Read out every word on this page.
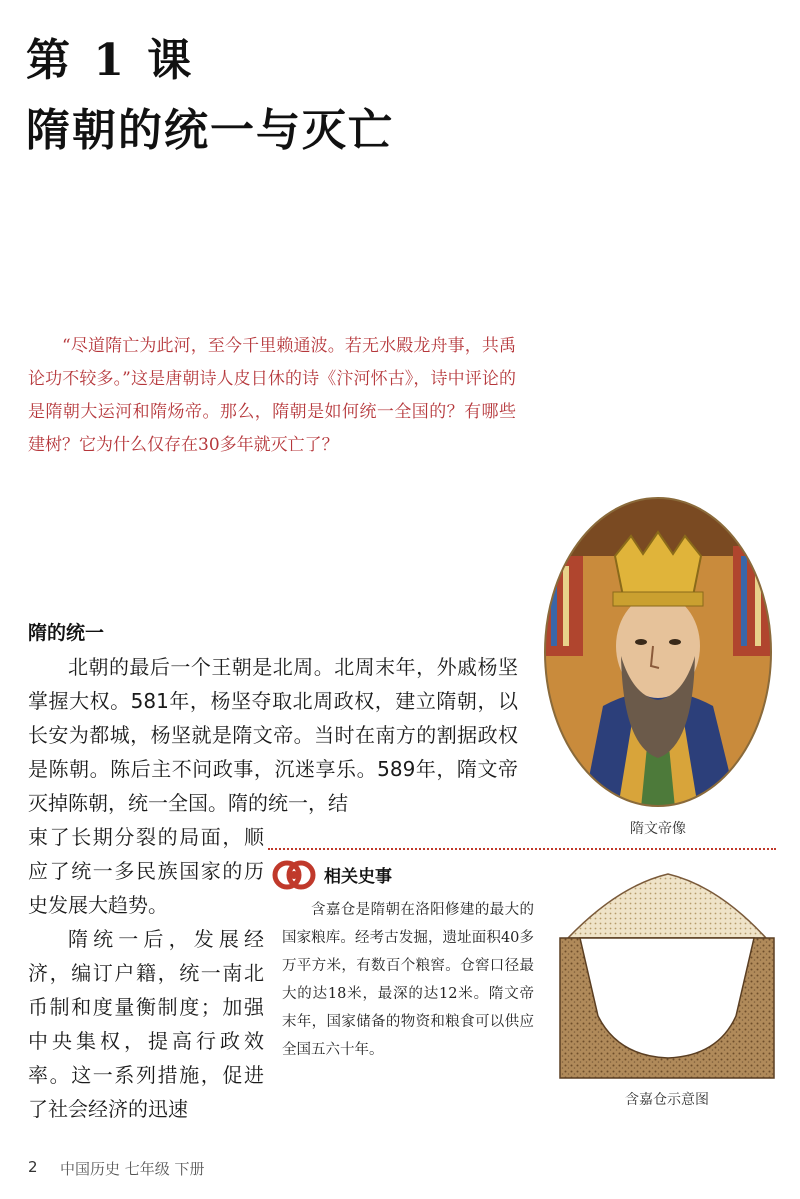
第 1 课
隋朝的统一与灭亡

“尽道隋亡为此河，至今千里赖通波。若无水殿龙舟事，共禹论功不较多。”这是唐朝诗人皮日休的诗《汴河怀古》，诗中评论的是隋朝大运河和隋炀帝。那么，隋朝是如何统一全国的？有哪些建树？它为什么仅存在30多年就灭亡了？

隋的统一

北朝的最后一个王朝是北周。北周末年，外戚杨坚掌握大权。581年，杨坚夺取北周政权，建立隋朝，以长安为都城，杨坚就是隋文帝。当时在南方的割据政权是陈朝。陈后主不问政事，沉迷享乐。589年，隋文帝灭掉陈朝，统一全国。隋的统一，结

束了长期分裂的局面，顺应了统一多民族国家的历史发展大趋势。

隋统一后，发展经济，编订户籍，统一南北币制和度量衡制度；加强中央集权，提高行政效率。这一系列措施，促进了社会经济的迅速

隋文帝像
相关史事

含嘉仓是隋朝在洛阳修建的最大的国家粮库。经考古发掘，遗址面积40多万平方米，有数百个粮窖。仓窖口径最大的达18米，最深的达12米。隋文帝末年，国家储备的物资和粮食可以供应全国五六十年。

含嘉仓示意图
2 中国历史 七年级 下册
